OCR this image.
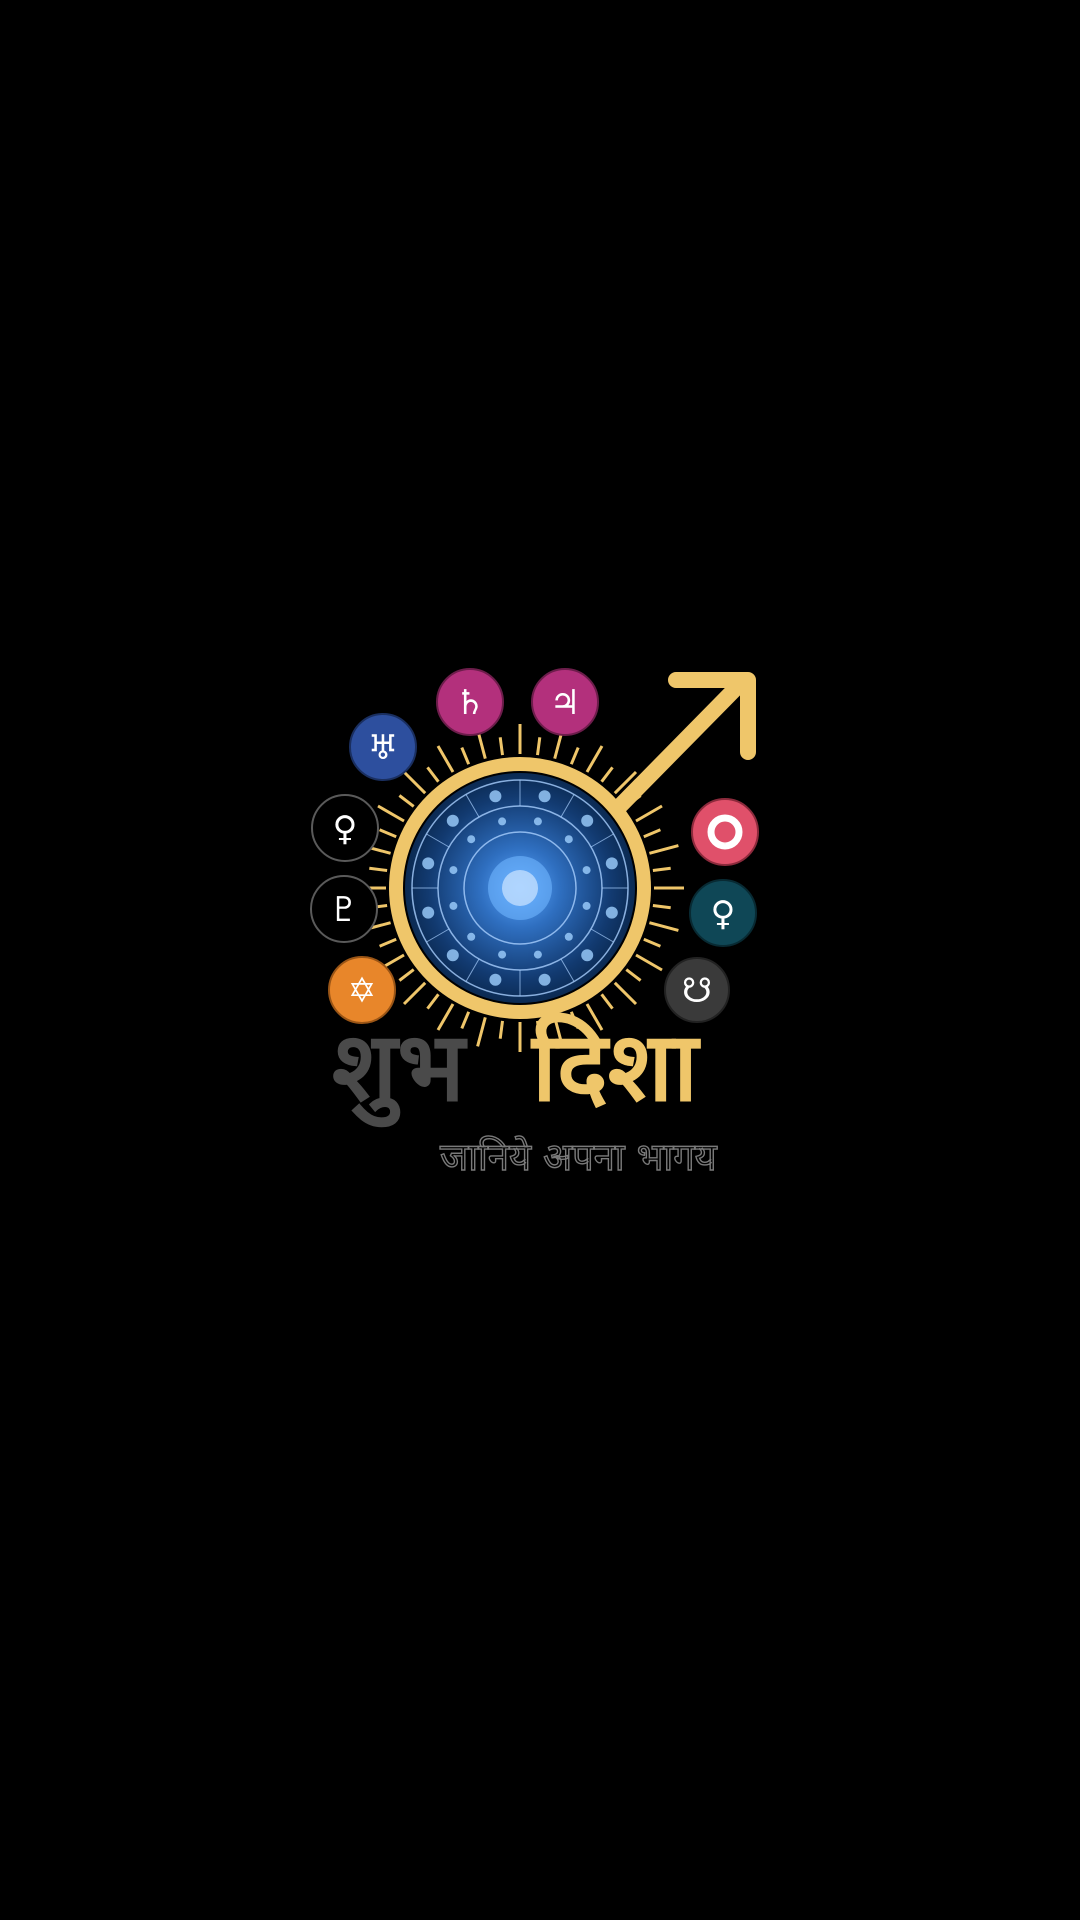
♅
♄ ♃
♀
♇
✡
○
♀
☋
शुभ दिशा
जानिये अपना भागय
